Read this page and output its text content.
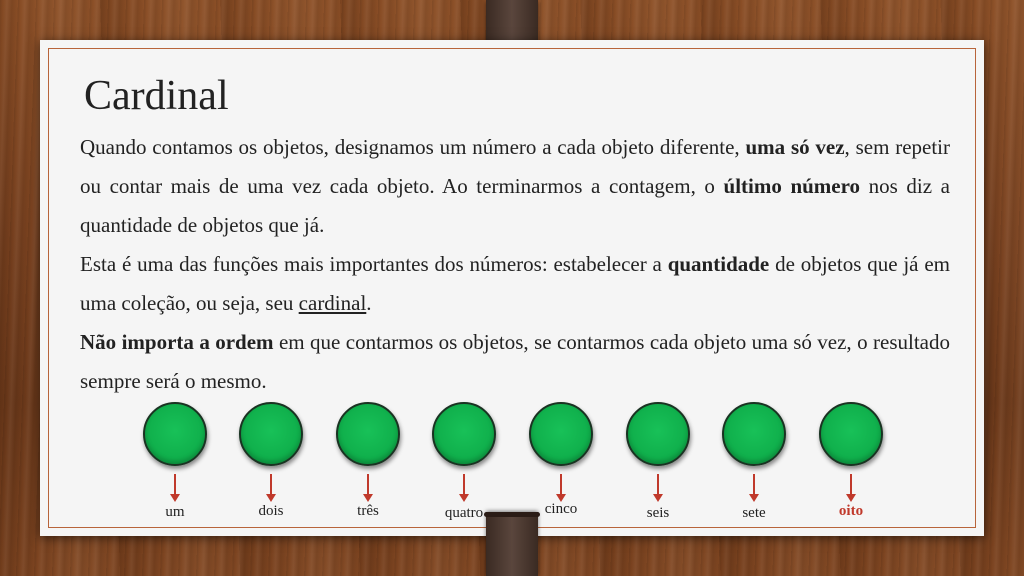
Cardinal

Quando contamos os objetos, designamos um número a cada objeto diferente, uma só vez, sem repetir ou contar mais de uma vez cada objeto. Ao terminarmos a contagem, o último número nos diz a quantidade de objetos que já.

Esta é uma das funções mais importantes dos números: estabelecer a quantidade de objetos que já em uma coleção, ou seja, seu cardinal.

Não importa a ordem em que contarmos os objetos, se contarmos cada objeto uma só vez, o resultado sempre será o mesmo.

um	dois	três	quatro	cinco	seis	sete	oito
